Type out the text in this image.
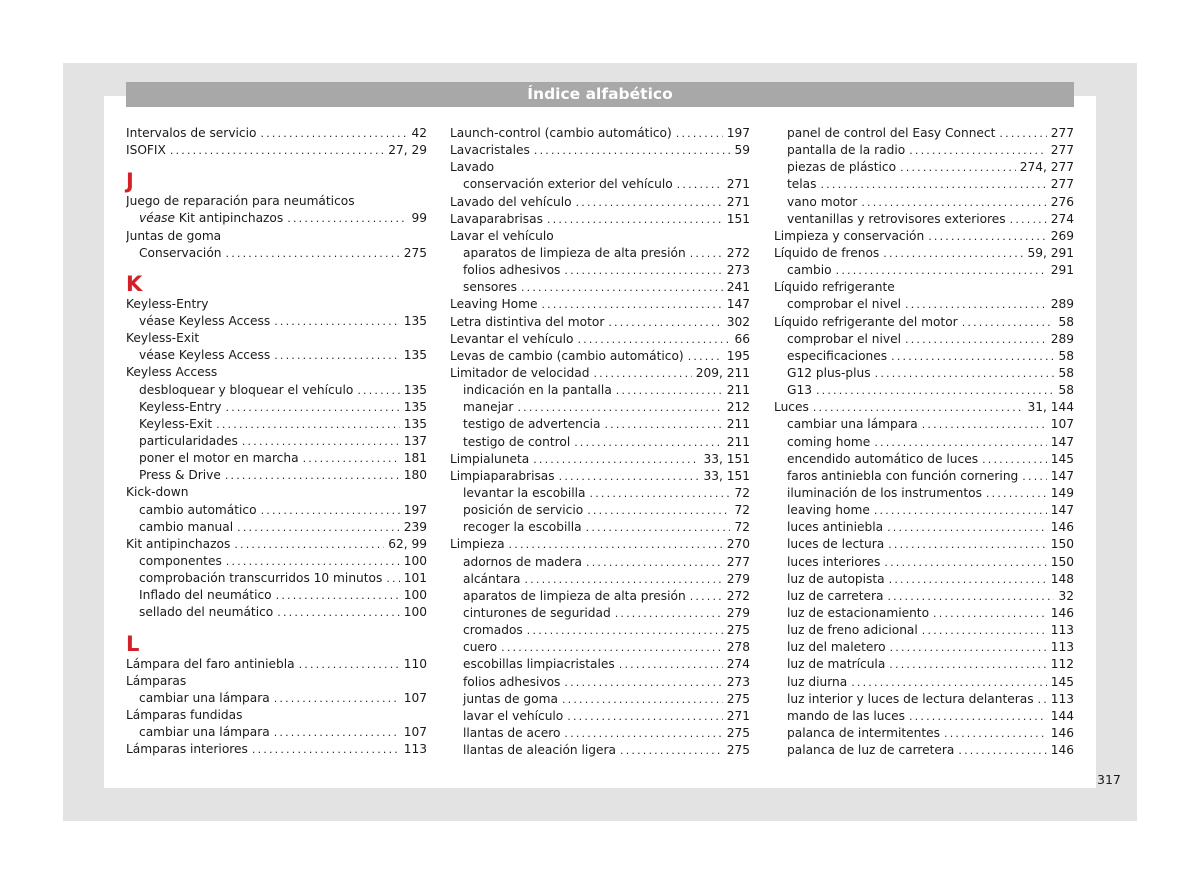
Índice alfabético
Intervalos de servicio .....	42
ISOFIX .....	27, 29
J
Juego de reparación para neumáticos
véase Kit antipinchazos .....	99
Juntas de goma
Conservación .....	275
K
Keyless-Entry
véase Keyless Access .....	135
Keyless-Exit
véase Keyless Access .....	135
Keyless Access
desbloquear y bloquear el vehículo .....	135
Keyless-Entry .....	135
Keyless-Exit .....	135
particularidades .....	137
poner el motor en marcha .....	181
Press & Drive .....	180
Kick-down
cambio automático .....	197
cambio manual .....	239
Kit antipinchazos .....	62, 99
componentes .....	100
comprobación transcurridos 10 minutos ..... 101
Inflado del neumático .....	100
sellado del neumático .....	100
L
Lámpara del faro antiniebla .....	110
Lámparas
cambiar una lámpara .....	107
Lámparas fundidas
cambiar una lámpara .....	107
Lámparas interiores .....	113
Launch-control (cambio automático) .....	197
Lavacristales .....	59
Lavado
conservación exterior del vehículo .....	271
Lavado del vehículo .....	271
Lavaparabrisas .....	151
Lavar el vehículo
aparatos de limpieza de alta presión .....	272
folios adhesivos .....	273
sensores .....	241
Leaving Home .....	147
Letra distintiva del motor .....	302
Levantar el vehículo .....	66
Levas de cambio (cambio automático) .....	195
Limitador de velocidad .....	209, 211
indicación en la pantalla .....	211
manejar .....	212
testigo de advertencia .....	211
testigo de control .....	211
Limpialuneta .....	33, 151
Limpiaparabrisas .....	33, 151
levantar la escobilla .....	72
posición de servicio .....	72
recoger la escobilla .....	72
Limpieza .....	270
adornos de madera .....	277
alcántara .....	279
aparatos de limpieza de alta presión .....	272
cinturones de seguridad .....	279
cromados .....	275
cuero .....	278
escobillas limpiacristales .....	274
folios adhesivos .....	273
juntas de goma .....	275
lavar el vehículo .....	271
llantas de acero .....	275
llantas de aleación ligera .....	275
panel de control del Easy Connect .....	277
pantalla de la radio .....	277
piezas de plástico .....	274, 277
telas .....	277
vano motor .....	276
ventanillas y retrovisores exteriores .....	274
Limpieza y conservación .....	269
Líquido de frenos .....	59, 291
cambio .....	291
Líquido refrigerante
comprobar el nivel .....	289
Líquido refrigerante del motor .....	58
comprobar el nivel .....	289
especificaciones .....	58
G12 plus-plus .....	58
G13 .....	58
Luces .....	31, 144
cambiar una lámpara .....	107
coming home .....	147
encendido automático de luces .....	145
faros antiniebla con función cornering .....	147
iluminación de los instrumentos .....	149
leaving home .....	147
luces antiniebla .....	146
luces de lectura .....	150
luces interiores .....	150
luz de autopista .....	148
luz de carretera .....	32
luz de estacionamiento .....	146
luz de freno adicional .....	113
luz del maletero .....	113
luz de matrícula .....	112
luz diurna .....	145
luz interior y luces de lectura delanteras ..... 113
mando de las luces .....	144
palanca de intermitentes .....	146
palanca de luz de carretera .....	146
317
